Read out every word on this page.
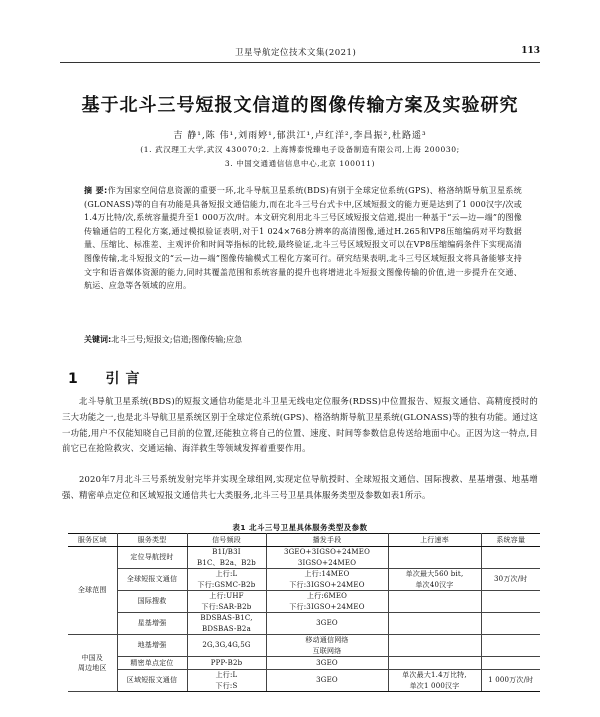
卫星导航定位技术文集(2021)	113
基于北斗三号短报文信道的图像传输方案及实验研究
吉 静¹,陈 伟¹,刘雨婷¹,郁洪江¹,卢红洋²,李昌振²,杜路遥³
(1. 武汉理工大学,武汉 430070;2. 上海博泰悦臻电子设备制造有限公司,上海 200030;
3. 中国交通通信信息中心,北京 100011)
摘 要:作为国家空间信息资源的重要一环,北斗导航卫星系统(BDS)有别于全球定位系统(GPS)、格洛纳斯导航卫星系统(GLONASS)等的自有功能是具备短报文通信能力,而在北斗三号台式卡中,区域短报文的能力更是达到了1 000汉字/次或1.4万比特/次,系统容量提升至1 000万次/时。本文研究利用北斗三号区域短报文信道,提出一种基于“云—边—端”的图像传输通信的工程化方案,通过模拟验证表明,对于1 024×768分辨率的高清图像,通过H.265和VP8压缩编码对平均数据量、压缩比、标准差、主观评价和时间等指标的比较,最终验证,北斗三号区域短报文可以在VP8压缩编码条件下实现高清图像传输,北斗短报文的“云—边—端”图像传输模式工程化方案可行。研究结果表明,北斗三号区域短报文将具备能够支持文字和语音媒体资源的能力,同时其覆盖范围和系统容量的提升也将增进北斗短报文图像传输的价值,进一步提升在交通、航运、应急等各领域的应用。
关键词:北斗三号;短报文;信道;图像传输;应急
1 引言
北斗导航卫星系统(BDS)的短报文通信功能是北斗卫星无线电定位服务(RDSS)中位置报告、短报文通信、高精度授时的三大功能之一,也是北斗导航卫星系统区别于全球定位系统(GPS)、格洛纳斯导航卫星系统(GLONASS)等的独有功能。通过这一功能,用户不仅能知晓自己目前的位置,还能独立将自己的位置、速度、时间等参数信息传送给地面中心。正因为这一特点,目前它已在抢险救灾、交通运输、海洋救生等领域发挥着重要作用。
2020年7月北斗三号系统发射完毕并实现全球组网,实现定位导航授时、全球短报文通信、国际搜救、星基增强、地基增强、精密单点定位和区域短报文通信共七大类服务,北斗三号卫星具体服务类型及参数如表1所示。
表1 北斗三号卫星具体服务类型及参数
服务区域	服务类型	信号频段	播发手段	上行速率	系统容量
全球范围	定位导航授时	B1I/B3I
B1C、B2a、B2b	3GEO+3IGSO+24MEO
3IGSO+24MEO		

	全球短报文通信	上行:L
下行:GSMC-B2b	上行:14MEO
下行:3IGSO+24MEO	单次最大560 bit,
单次40汉字	30万次/时
	国际搜救	上行:UHF
下行:SAR-B2b	上行:6MEO
下行:3IGSO+24MEO		

	星基增强	BDSBAS-B1C,
BDSBAS-B2a	3GEO		

中国及
周边地区	地基增强	2G,3G,4G,5G	移动通信网络
互联网络		

	精密单点定位	PPP-B2b	3GEO		
	区域短报文通信	上行:L
下行:S	3GEO	单次最大1.4万比特,
单次1 000汉字	1 000万次/时
